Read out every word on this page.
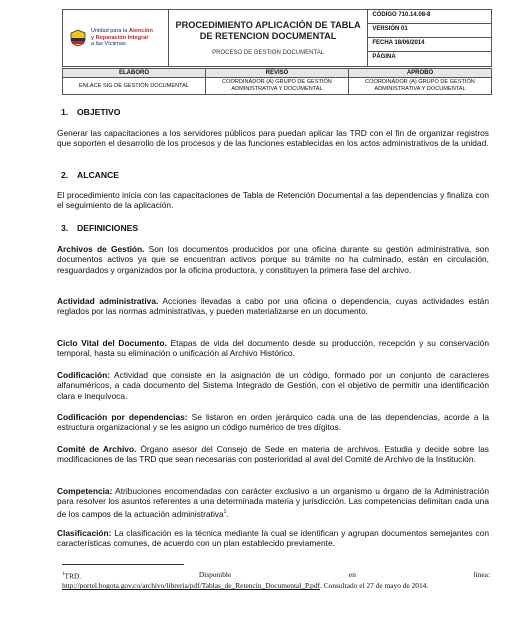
Unidad para la Atención
y Reparación Integral
a las Víctimas

PROCEDIMIENTO APLICACIÓN DE TABLA DE RETENCION DOCUMENTAL
PROCESO DE GESTION DOCUMENTAL

CÓDIGO 710.14.08-8
VERSIÓN 01
FECHA 18/06/2014
PÁGINA
ELABORÓ	REVISÓ	APROBÓ
ENLACE SIG DE GESTIÓN DOCUMENTAL	COORDINADOR (A) GRUPO DE GESTIÓN ADMINISTRATIVA Y DOCUMENTAL	COORDINADOR (A) GRUPO DE GESTIÓN ADMINISTRATIVA Y DOCUMENTAL
1. OBJETIVO
Generar las capacitaciones a los servidores públicos para puedan aplicar las TRD con el fin de organizar registros que soporten el desarrollo de los procesos y de las funciones establecidas en los actos administrativos de la unidad.
2. ALCANCE
El procedimiento inicia con las capacitaciones de Tabla de Retención Documental a las dependencias y finaliza con el seguimiento de la aplicación.
3. DEFINICIONES
Archivos de Gestión. Son los documentos producidos por una oficina durante su gestión administrativa, son documentos activos ya que se encuentran activos porque su trámite no ha culminado, están en circulación, resguardados y organizados por la oficina productora, y constituyen la primera fase del archivo.
Actividad administrativa. Acciones llevadas a cabo por una oficina o dependencia, cuyas actividades están reglados por las normas administrativas, y pueden materializarse en un documento.
Ciclo Vital del Documento. Etapas de vida del documento desde su producción, recepción y su conservación temporal, hasta su eliminación o unificación al Archivo Histórico.
Codificación: Actividad que consiste en la asignación de un código, formado por un conjunto de caracteres alfanuméricos, a cada documento del Sistema Integrado de Gestión, con el objetivo de permitir una identificación clara e inequívoca.
Codificación por dependencias: Se listaron en orden jerárquico cada una de las dependencias, acorde a la estructura organizacional y se les asigno un código numérico de tres dígitos.
Comité de Archivo. Órgano asesor del Consejo de Sede en materia de archivos. Estudia y decide sobre las modificaciones de las TRD que sean necesarias con posterioridad al aval del Comité de Archivo de la Institución.
Competencia: Atribuciones encomendadas con carácter exclusivo a un organismo u órgano de la Administración para resolver los asuntos referentes a una determinada materia y jurisdicción. Las competencias delimitan cada una de los campos de la actuación administrativa$^1$.
Clasificación: La clasificación es la técnica mediante la cual se identifican y agrupan documentos semejantes con características comunes, de acuerdo con un plan establecido previamente.
$^1$TRD.	Disponible	en	línea:
http://portel.bogota.gov.co/archivo/libreria/pdf/Tablas_de_Retencin_Documental_P.pdf. Consultado el 27 de mayo de 2014.
